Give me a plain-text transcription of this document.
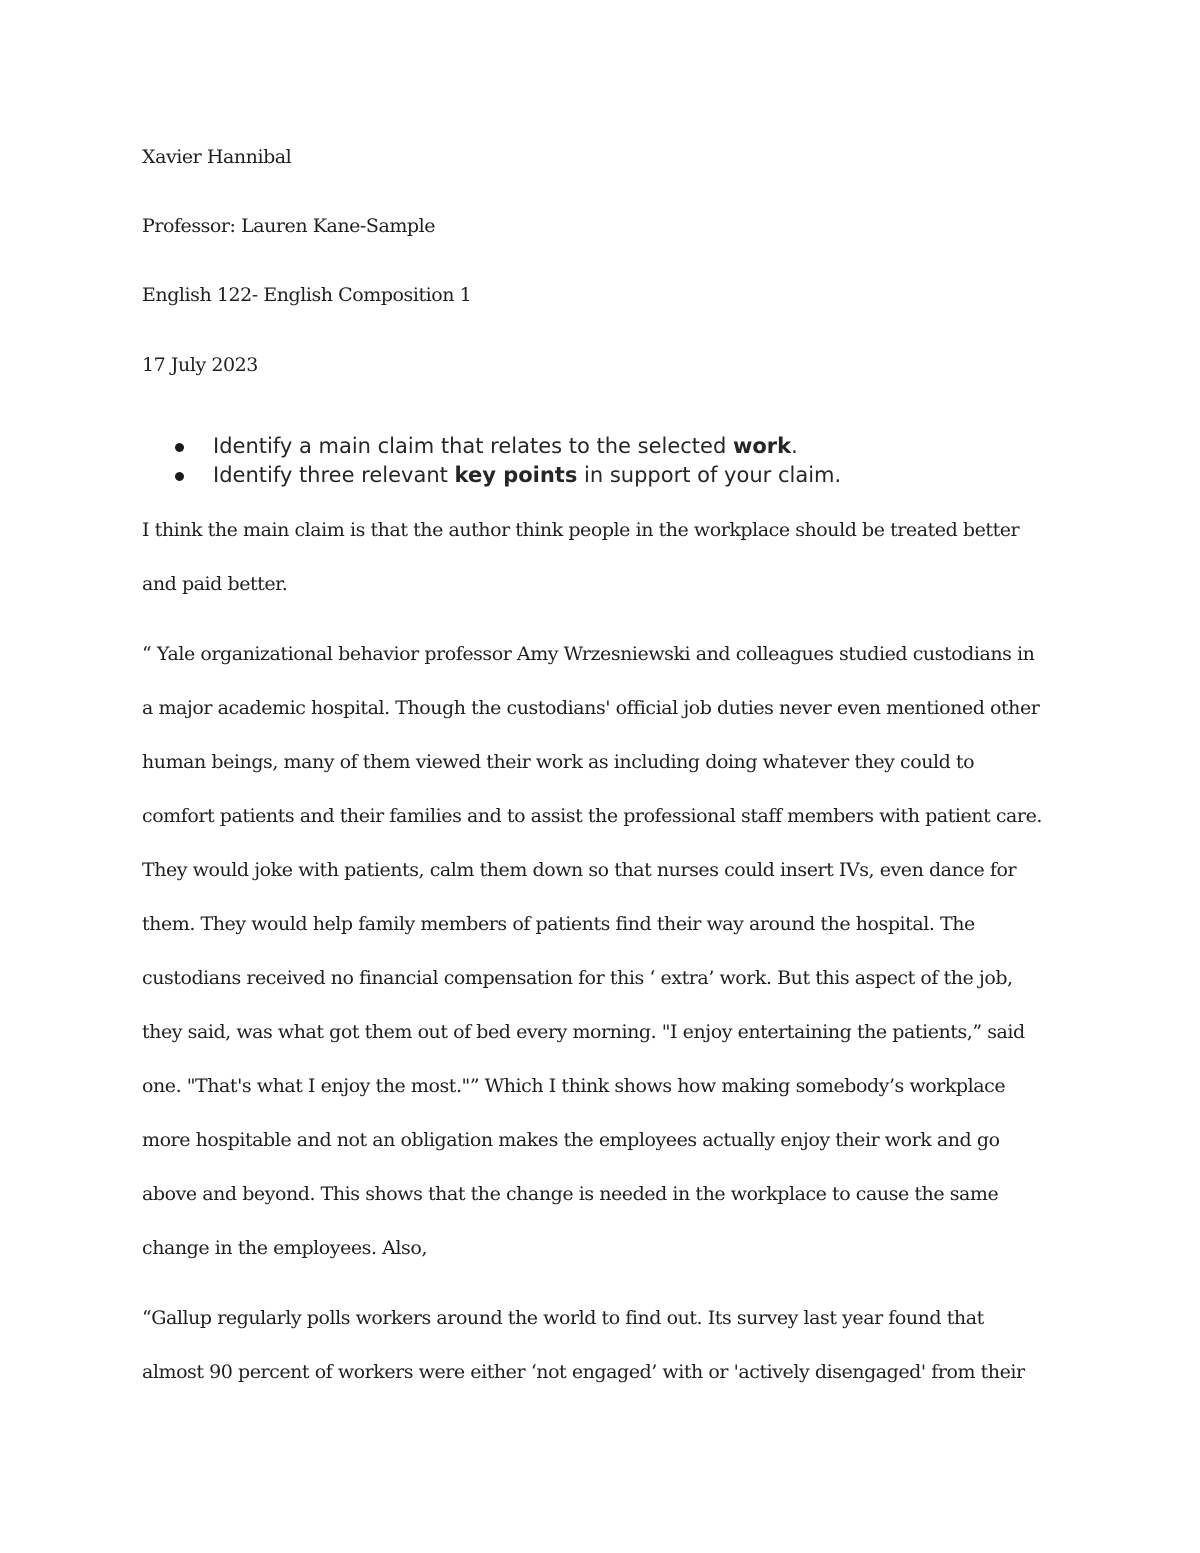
Xavier Hannibal

Professor: Lauren Kane-Sample

English 122- English Composition 1

17 July 2023

Identify a main claim that relates to the selected work.
Identify three relevant key points in support of your claim.
I think the main claim is that the author think people in the workplace should be treated better
and paid better.
“ Yale organizational behavior professor Amy Wrzesniewski and colleagues studied custodians in
a major academic hospital. Though the custodians' official job duties never even mentioned other
human beings, many of them viewed their work as including doing whatever they could to
comfort patients and their families and to assist the professional staff members with patient care.
They would joke with patients, calm them down so that nurses could insert IVs, even dance for
them. They would help family members of patients find their way around the hospital. The
custodians received no financial compensation for this ‘ extra’ work. But this aspect of the job,
they said, was what got them out of bed every morning. "I enjoy entertaining the patients,” said
one. "That's what I enjoy the most."” Which I think shows how making somebody’s workplace
more hospitable and not an obligation makes the employees actually enjoy their work and go
above and beyond. This shows that the change is needed in the workplace to cause the same
change in the employees. Also,
“Gallup regularly polls workers around the world to find out. Its survey last year found that
almost 90 percent of workers were either ‘not engaged’ with or 'actively disengaged' from their
